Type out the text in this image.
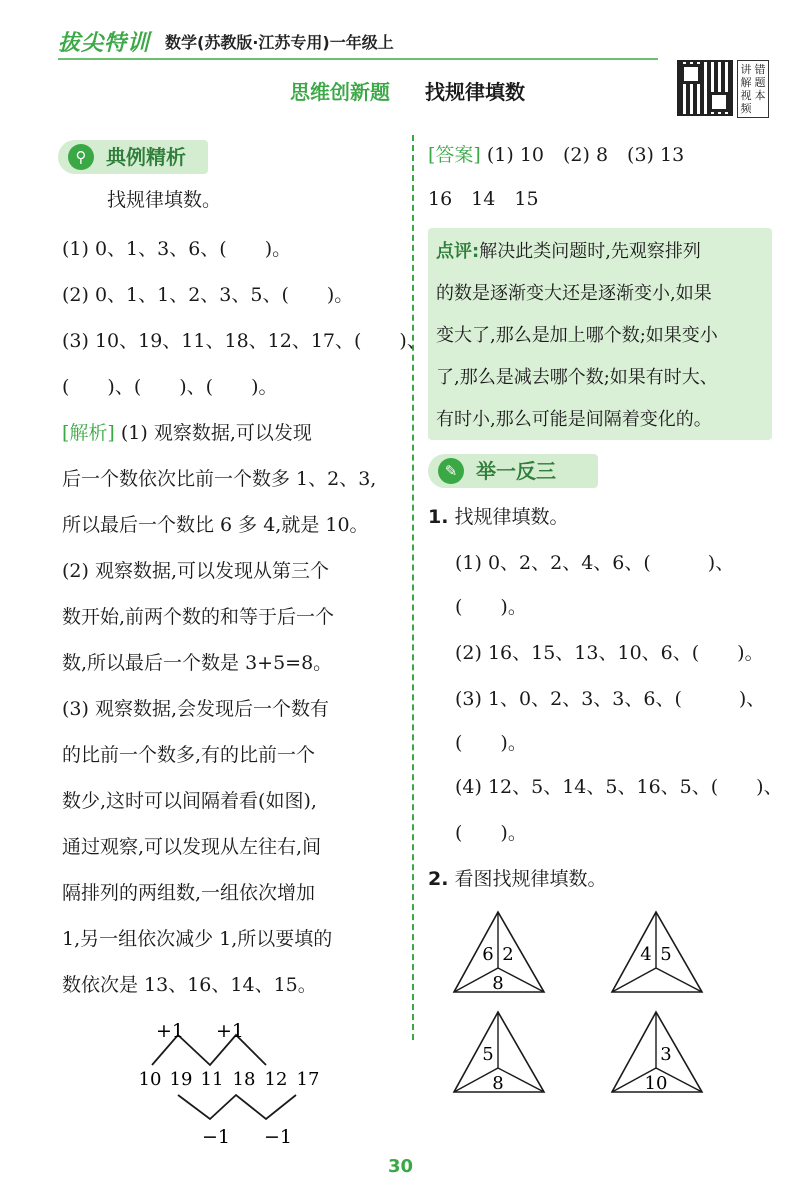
拔尖特训 数学(苏教版·江苏专用)一年级上
思维创新题 找规律填数
讲解视频
错题本
⚲ 典例精析
找规律填数。
(1) 0、1、3、6、(　　)。
(2) 0、1、1、2、3、5、(　　)。
(3) 10、19、11、18、12、17、(　　)、
(　　)、(　　)、(　　)。
[解析] (1) 观察数据,可以发现
后一个数依次比前一个数多 1、2、3,
所以最后一个数比 6 多 4,就是 10。
(2) 观察数据,可以发现从第三个
数开始,前两个数的和等于后一个
数,所以最后一个数是 3+5=8。
(3) 观察数据,会发现后一个数有
的比前一个数多,有的比前一个
数少,这时可以间隔着看(如图),
通过观察,可以发现从左往右,间
隔排列的两组数,一组依次增加
1,另一组依次减少 1,所以要填的
数依次是 13、16、14、15。
+1 +1
10 19 11 18 12 17
−1 −1
[答案] (1) 10　(2) 8　(3) 13
16　14　15
点评:解决此类问题时,先观察排列
的数是逐渐变大还是逐渐变小,如果
变大了,那么是加上哪个数;如果变小
了,那么是减去哪个数;如果有时大、
有时小,那么可能是间隔着变化的。
✎ 举一反三
1. 找规律填数。
(1) 0、2、2、4、6、(　　　)、
(　　)。
(2) 16、15、13、10、6、(　　)。
(3) 1、0、2、3、3、6、(　　　)、
(　　)。
(4) 12、5、14、5、16、5、(　　)、
(　　)。
2. 看图找规律填数。
6 2
8
4 5
5
8
3
10
30
